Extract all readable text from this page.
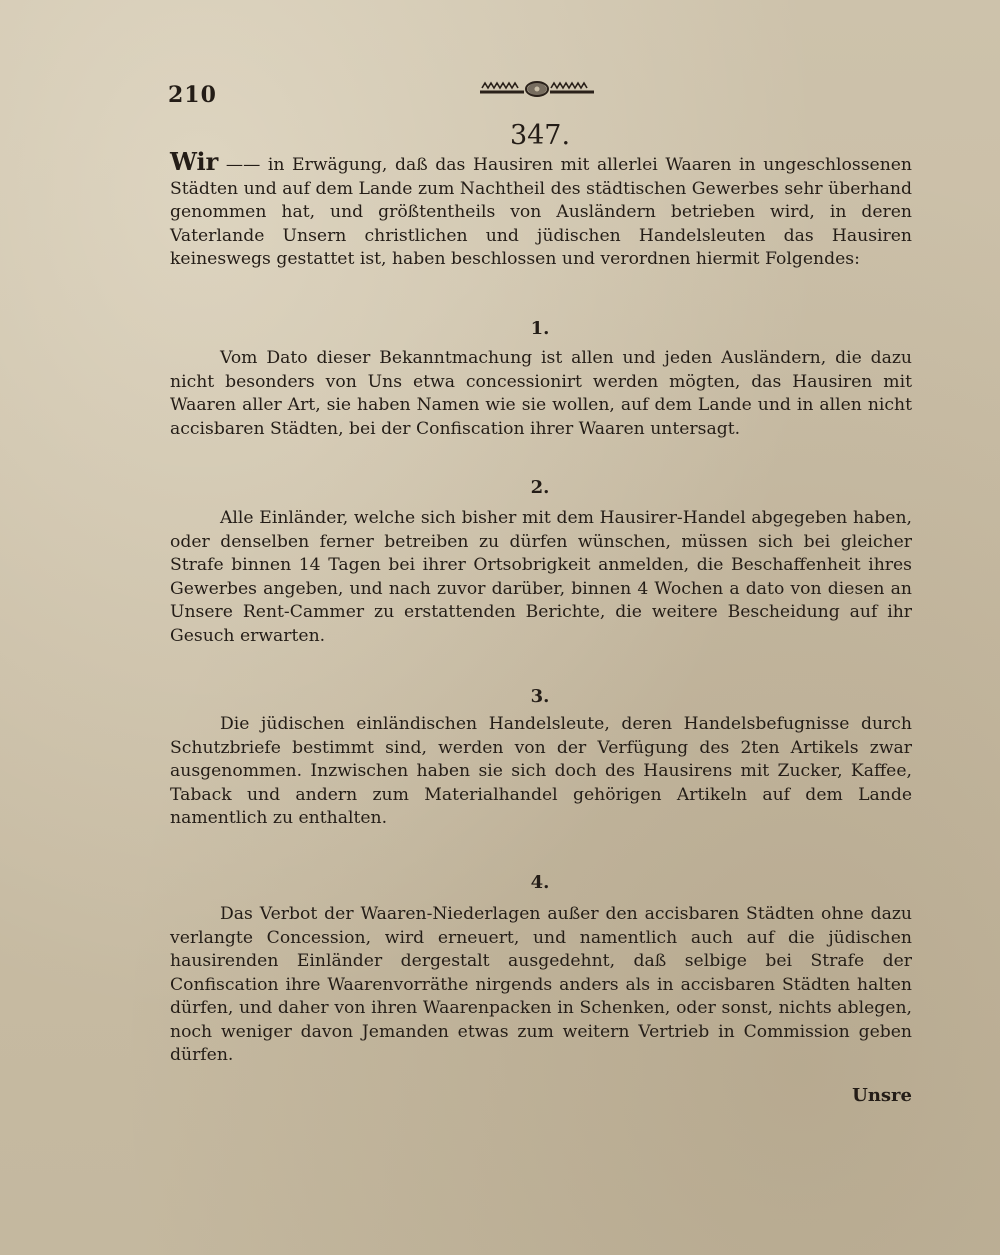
210
347.

Wir —— in Erwägung, daß das Hausiren mit allerlei Waaren in ungeschlossenen Städten und auf dem Lande zum Nachtheil des städtischen Gewerbes sehr überhand genommen hat, und größtentheils von Ausländern betrieben wird, in deren Vaterlande Unsern christlichen und jüdischen Handelsleuten das Hausiren keineswegs gestattet ist, haben beschlossen und verordnen hiermit Folgendes:

1.

Vom Dato dieser Bekanntmachung ist allen und jeden Ausländern, die dazu nicht besonders von Uns etwa concessionirt werden mögten, das Hausiren mit Waaren aller Art, sie haben Namen wie sie wollen, auf dem Lande und in allen nicht accisbaren Städten, bei der Confiscation ihrer Waaren untersagt.

2.

Alle Einländer, welche sich bisher mit dem Hausirer-Handel abgegeben haben, oder denselben ferner betreiben zu dürfen wünschen, müssen sich bei gleicher Strafe binnen 14 Tagen bei ihrer Ortsobrigkeit anmelden, die Beschaffenheit ihres Gewerbes angeben, und nach zuvor darüber, binnen 4 Wochen a dato von diesen an Unsere Rent-Cammer zu erstattenden Berichte, die weitere Bescheidung auf ihr Gesuch erwarten.

3.

Die jüdischen einländischen Handelsleute, deren Handelsbefugnisse durch Schutzbriefe bestimmt sind, werden von der Verfügung des 2ten Artikels zwar ausgenommen. Inzwischen haben sie sich doch des Hausirens mit Zucker, Kaffee, Taback und andern zum Materialhandel gehörigen Artikeln auf dem Lande namentlich zu enthalten.

4.

Das Verbot der Waaren-Niederlagen außer den accisbaren Städten ohne dazu verlangte Concession, wird erneuert, und namentlich auch auf die jüdischen hausirenden Einländer dergestalt ausgedehnt, daß selbige bei Strafe der Confiscation ihre Waarenvorräthe nirgends anders als in accisbaren Städten halten dürfen, und daher von ihren Waarenpacken in Schenken, oder sonst, nichts ablegen, noch weniger davon Jemanden etwas zum weitern Vertrieb in Commission geben dürfen.

Unsre
